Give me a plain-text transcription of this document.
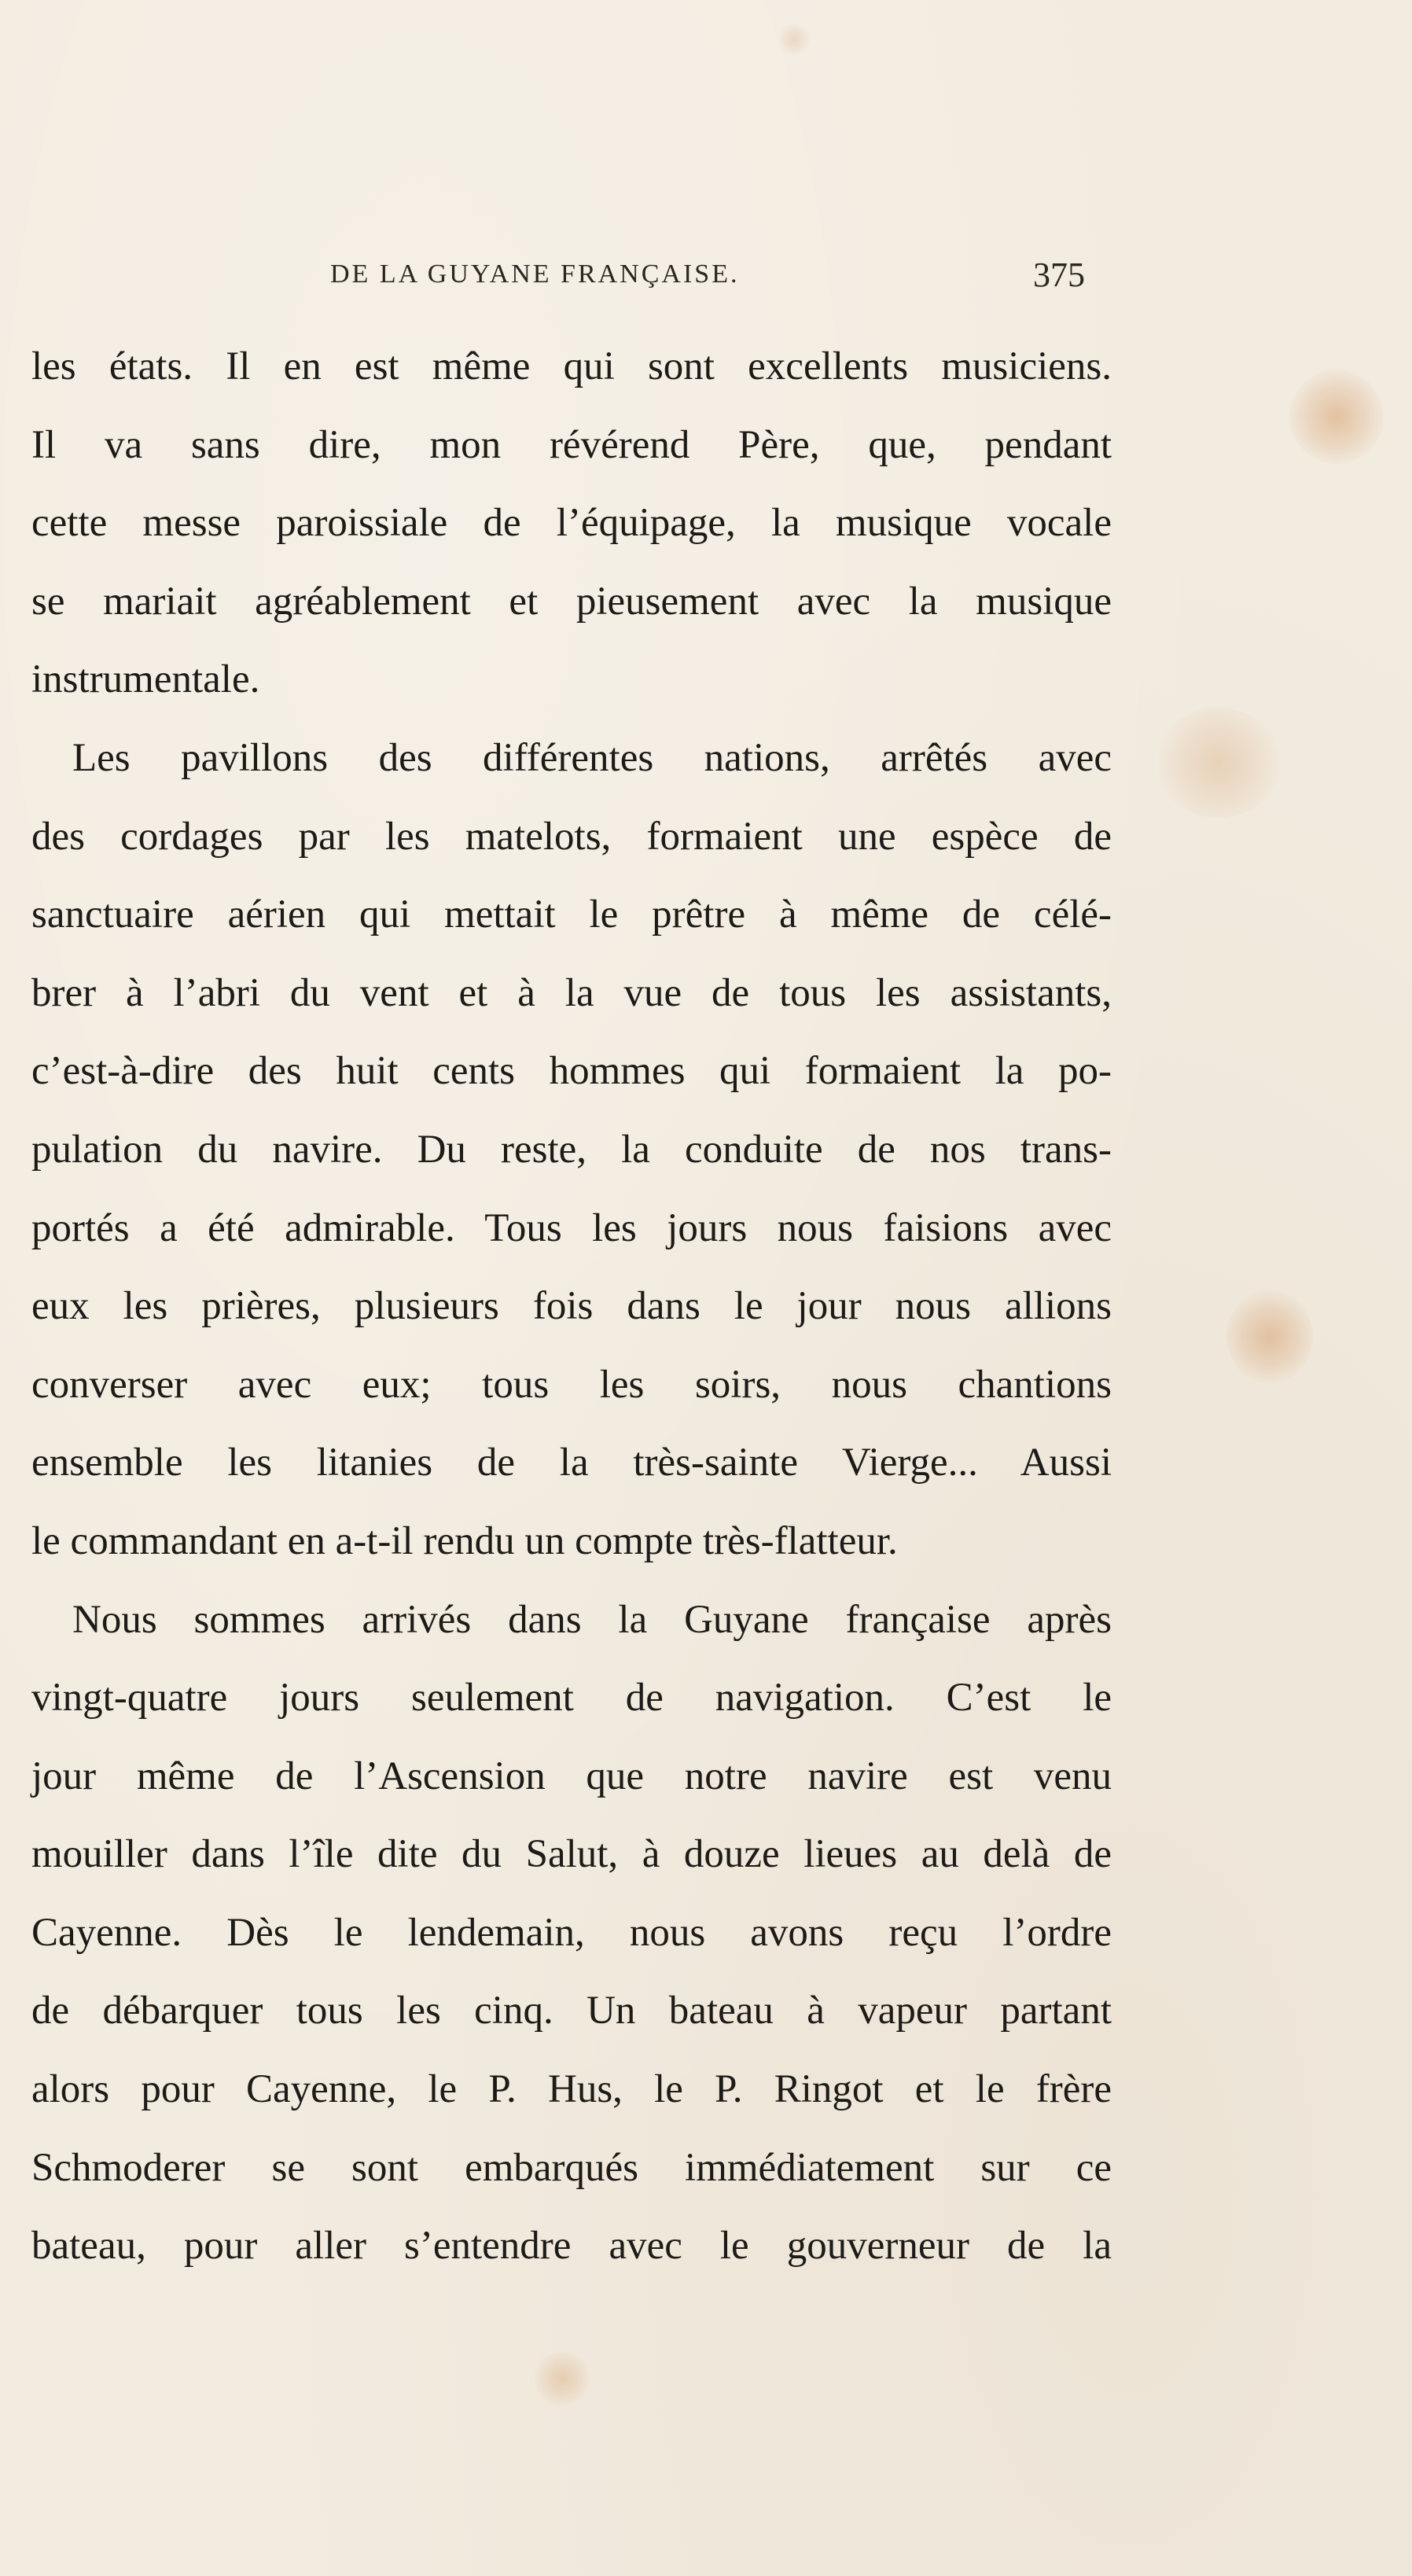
DE LA GUYANE FRANÇAISE.	375
les états. Il en est même qui sont excellents musiciens.
Il va sans dire, mon révérend Père, que, pendant
cette messe paroissiale de l’équipage, la musique vocale
se mariait agréablement et pieusement avec la musique
instrumentale.
Les pavillons des différentes nations, arrêtés avec
des cordages par les matelots, formaient une espèce de
sanctuaire aérien qui mettait le prêtre à même de célé-
brer à l’abri du vent et à la vue de tous les assistants,
c’est-à-dire des huit cents hommes qui formaient la po-
pulation du navire. Du reste, la conduite de nos trans-
portés a été admirable. Tous les jours nous faisions avec
eux les prières, plusieurs fois dans le jour nous allions
converser avec eux; tous les soirs, nous chantions
ensemble les litanies de la très-sainte Vierge... Aussi
le commandant en a-t-il rendu un compte très-flatteur.
Nous sommes arrivés dans la Guyane française après
vingt-quatre jours seulement de navigation. C’est le
jour même de l’Ascension que notre navire est venu
mouiller dans l’île dite du Salut, à douze lieues au delà de
Cayenne. Dès le lendemain, nous avons reçu l’ordre
de débarquer tous les cinq. Un bateau à vapeur partant
alors pour Cayenne, le P. Hus, le P. Ringot et le frère
Schmoderer se sont embarqués immédiatement sur ce
bateau, pour aller s’entendre avec le gouverneur de la
